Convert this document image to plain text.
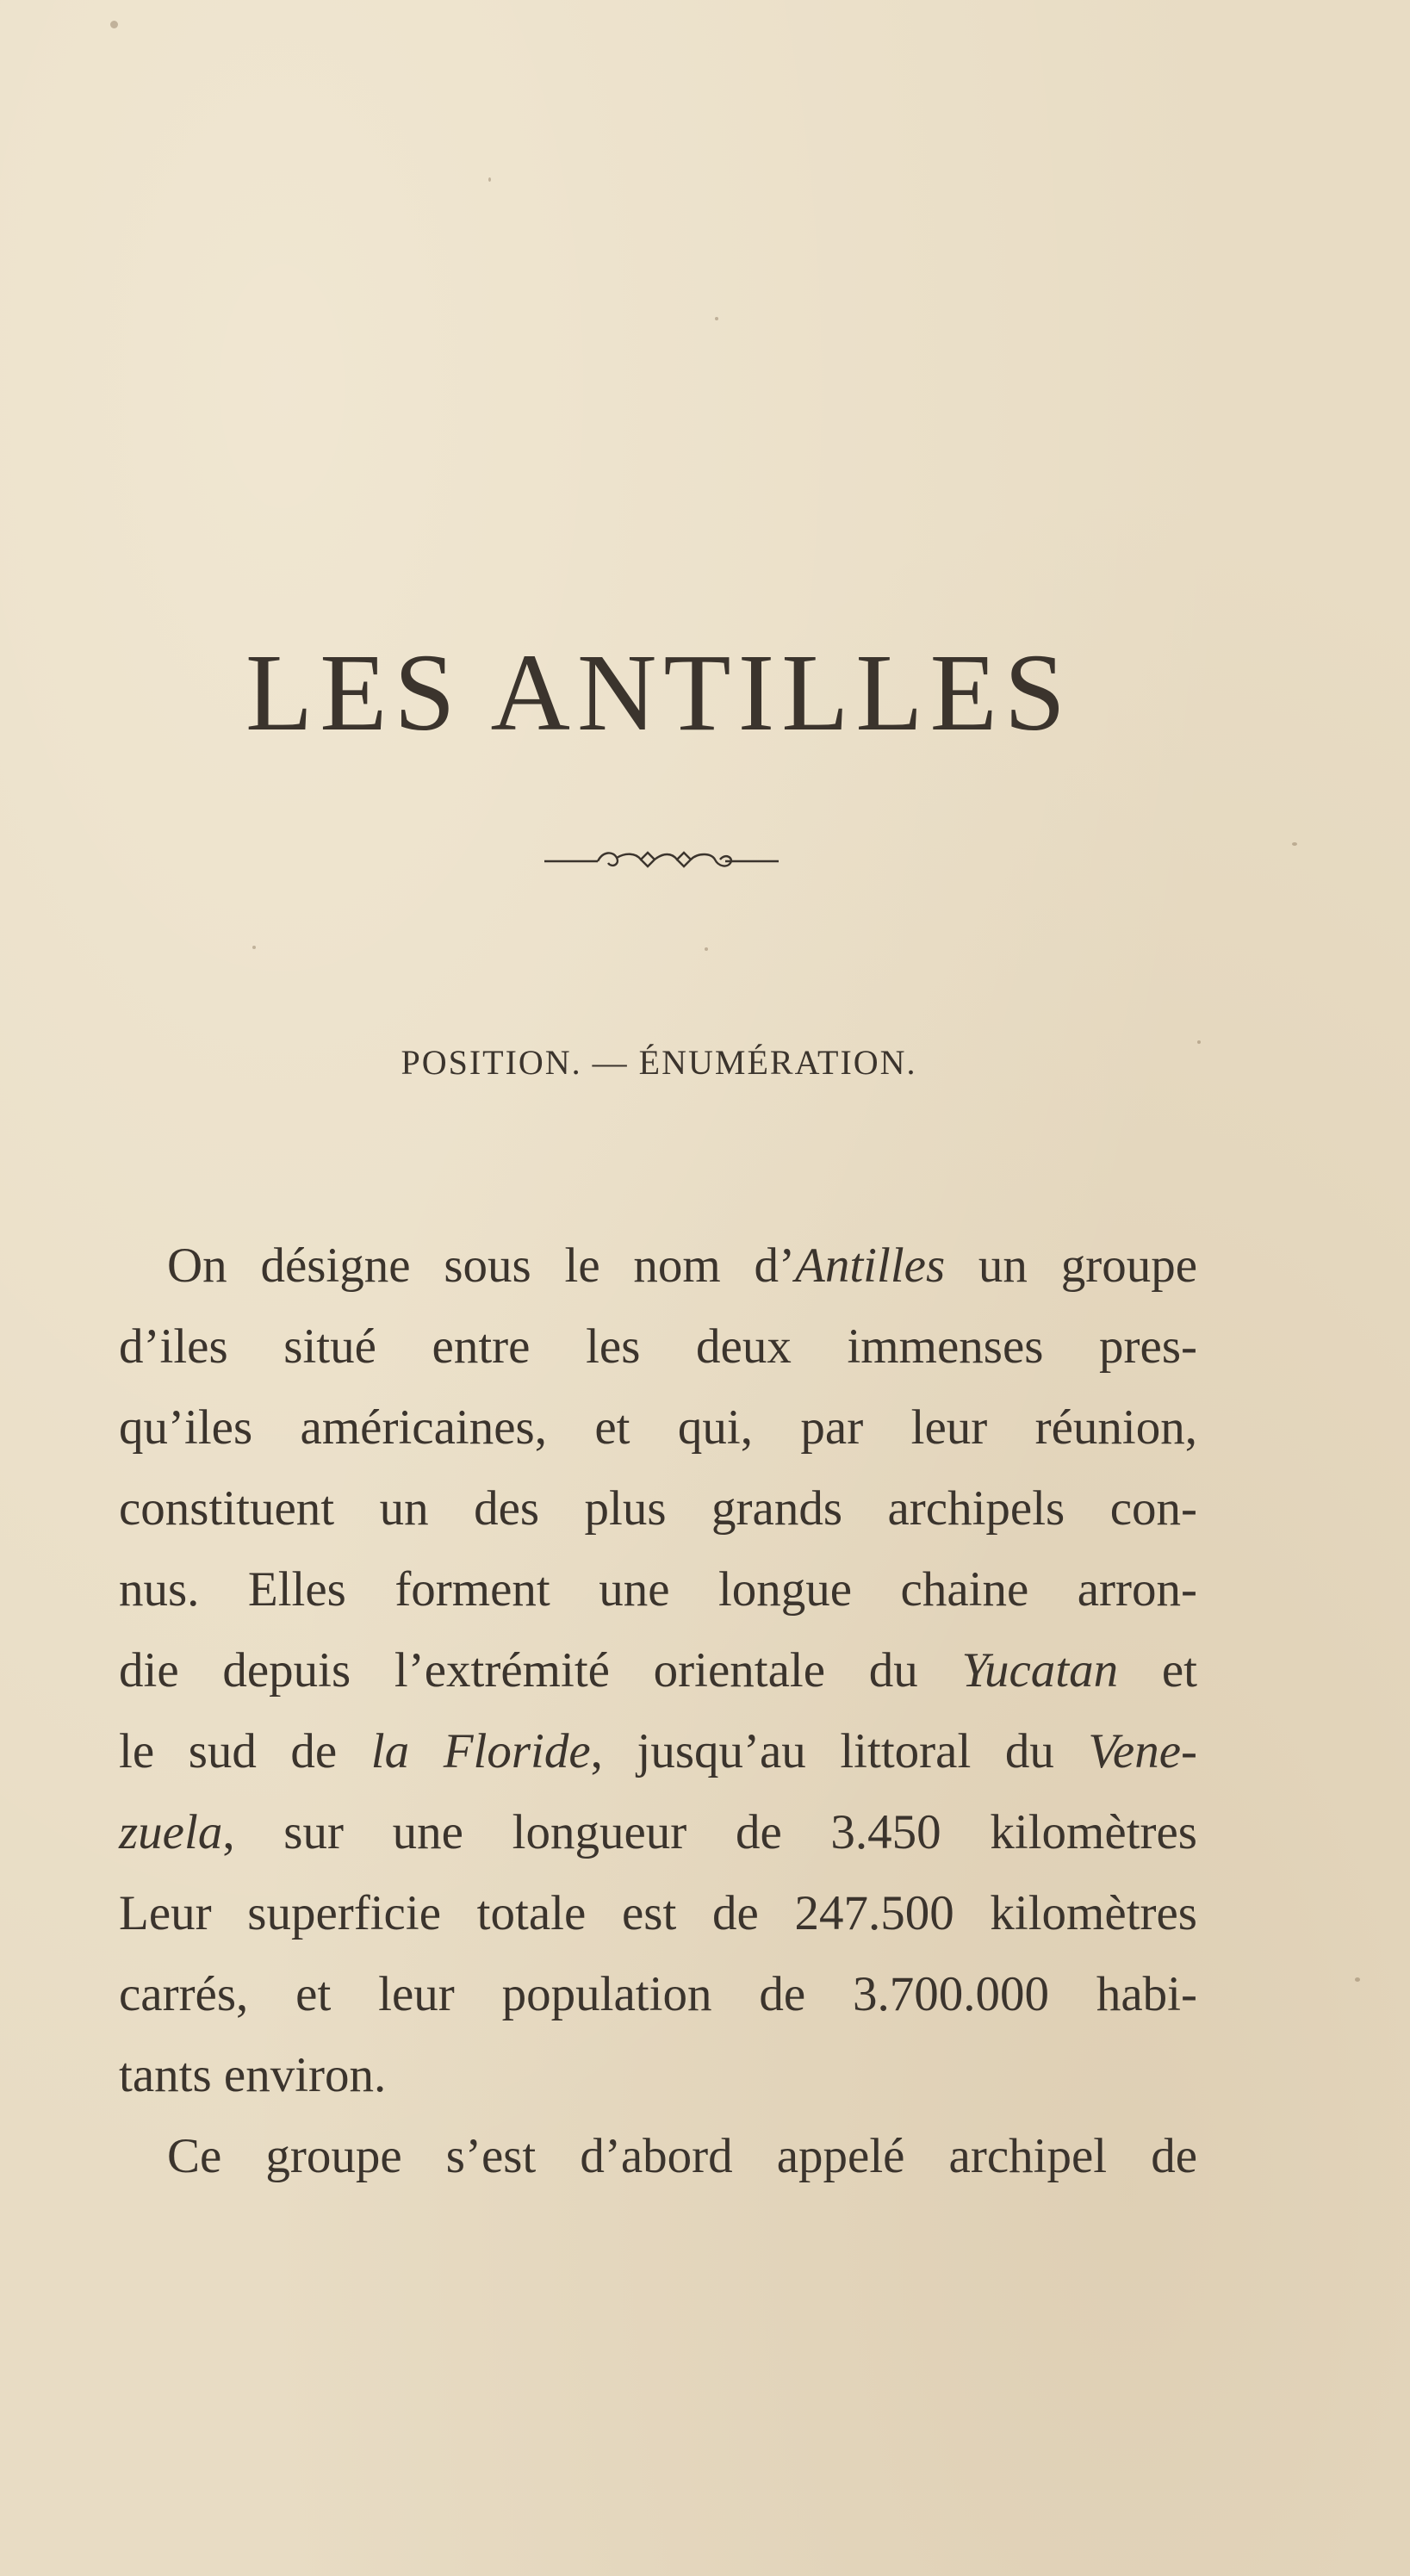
LES ANTILLES
POSITION. — ÉNUMÉRATION.
On désigne sous le nom d’Antilles un groupe
d’iles situé entre les deux immenses pres-
qu’iles américaines, et qui, par leur réunion,
constituent un des plus grands archipels con-
nus. Elles forment une longue chaine arron-
die depuis l’extrémité orientale du Yucatan et
le sud de la Floride, jusqu’au littoral du Vene-
zuela, sur une longueur de 3.450 kilomètres
Leur superficie totale est de 247.500 kilomètres
carrés, et leur population de 3.700.000 habi-
tants environ.
Ce groupe s’est d’abord appelé archipel de
